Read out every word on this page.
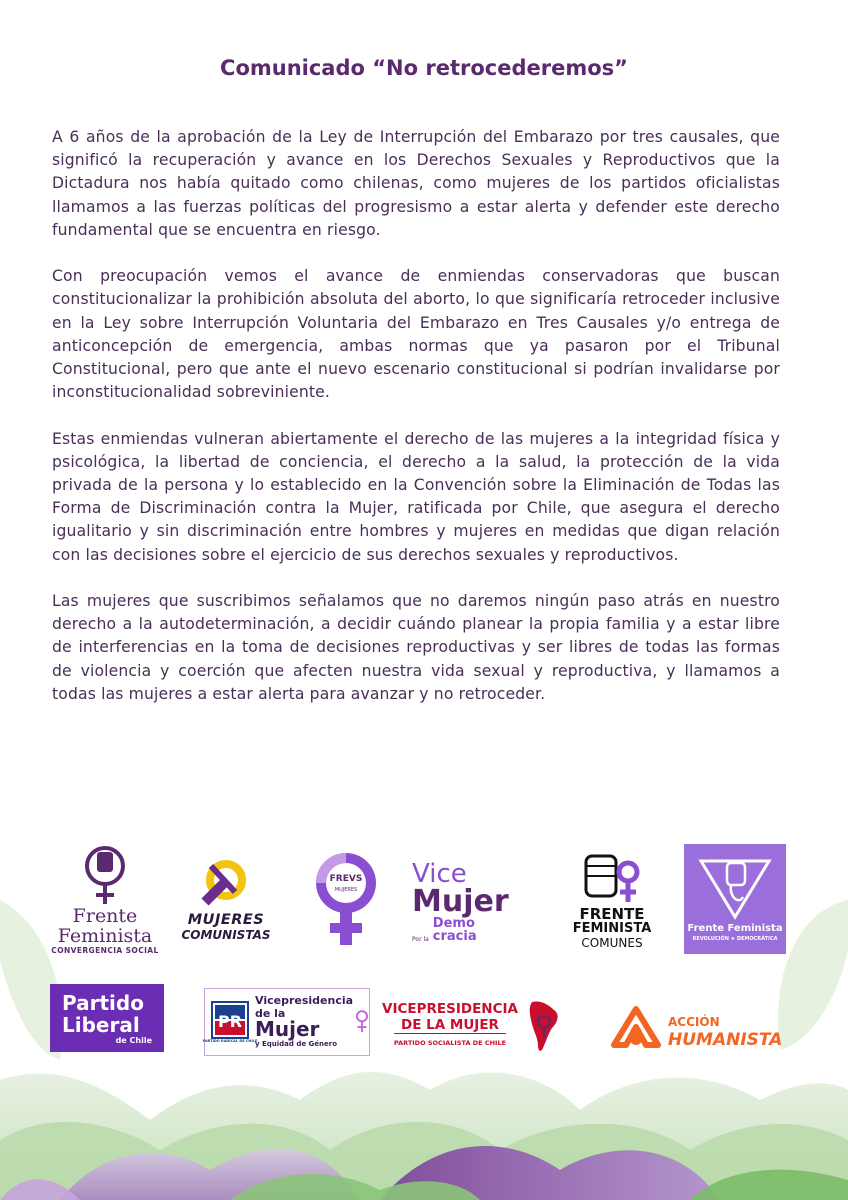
Comunicado “No retrocederemos”

A 6 años de la aprobación de la Ley de Interrupción del Embarazo por tres causales, que significó la recuperación y avance en los Derechos Sexuales y Reproductivos que la Dictadura nos había quitado como chilenas, como mujeres de los partidos oficialistas llamamos a las fuerzas políticas del progresismo a estar alerta y defender este derecho fundamental que se encuentra en riesgo.

Con preocupación vemos el avance de enmiendas conservadoras que buscan constitucionalizar la prohibición absoluta del aborto, lo que significaría retroceder inclusive en la Ley sobre Interrupción Voluntaria del Embarazo en Tres Causales y/o entrega de anticoncepción de emergencia, ambas normas que ya pasaron por el Tribunal Constitucional, pero que ante el nuevo escenario constitucional si podrían invalidarse por inconstitucionalidad sobreviniente.

Estas enmiendas vulneran abiertamente el derecho de las mujeres a la integridad física y psicológica, la libertad de conciencia, el derecho a la salud, la protección de la vida privada de la persona y lo establecido en la Convención sobre la Eliminación de Todas las Forma de Discriminación contra la Mujer, ratificada por Chile, que asegura el derecho igualitario y sin discriminación entre hombres y mujeres en medidas que digan relación con las decisiones sobre el ejercicio de sus derechos sexuales y reproductivos.

Las mujeres que suscribimos señalamos que no daremos ningún paso atrás en nuestro derecho a la autodeterminación, a decidir cuándo planear la propia familia y a estar libre de interferencias en la toma de decisiones reproductivas y ser libres de todas las formas de violencia y coerción que afecten nuestra vida sexual y reproductiva, y llamamos a todas las mujeres a estar alerta para avanzar y no retroceder.

Frente
Feminista
CONVERGENCIA SOCIAL
MUJERES
COMUNISTAS
FREVS
MUJERES
Vice
Mujer
Por la
Demo
cracia
FRENTE
FEMINISTA
COMUNES
Frente Feminista
REVOLUCIÓN ★ DEMOCRÁTICA
Partido
Liberal
de Chile
PR
PARTIDO RADICAL DE CHILE
Vicepresidencia
de la
Mujer
y Equidad de Género
VICEPRESIDENCIA
DE LA MUJER
PARTIDO SOCIALISTA DE CHILE
ACCIÓN
HUMANISTA
